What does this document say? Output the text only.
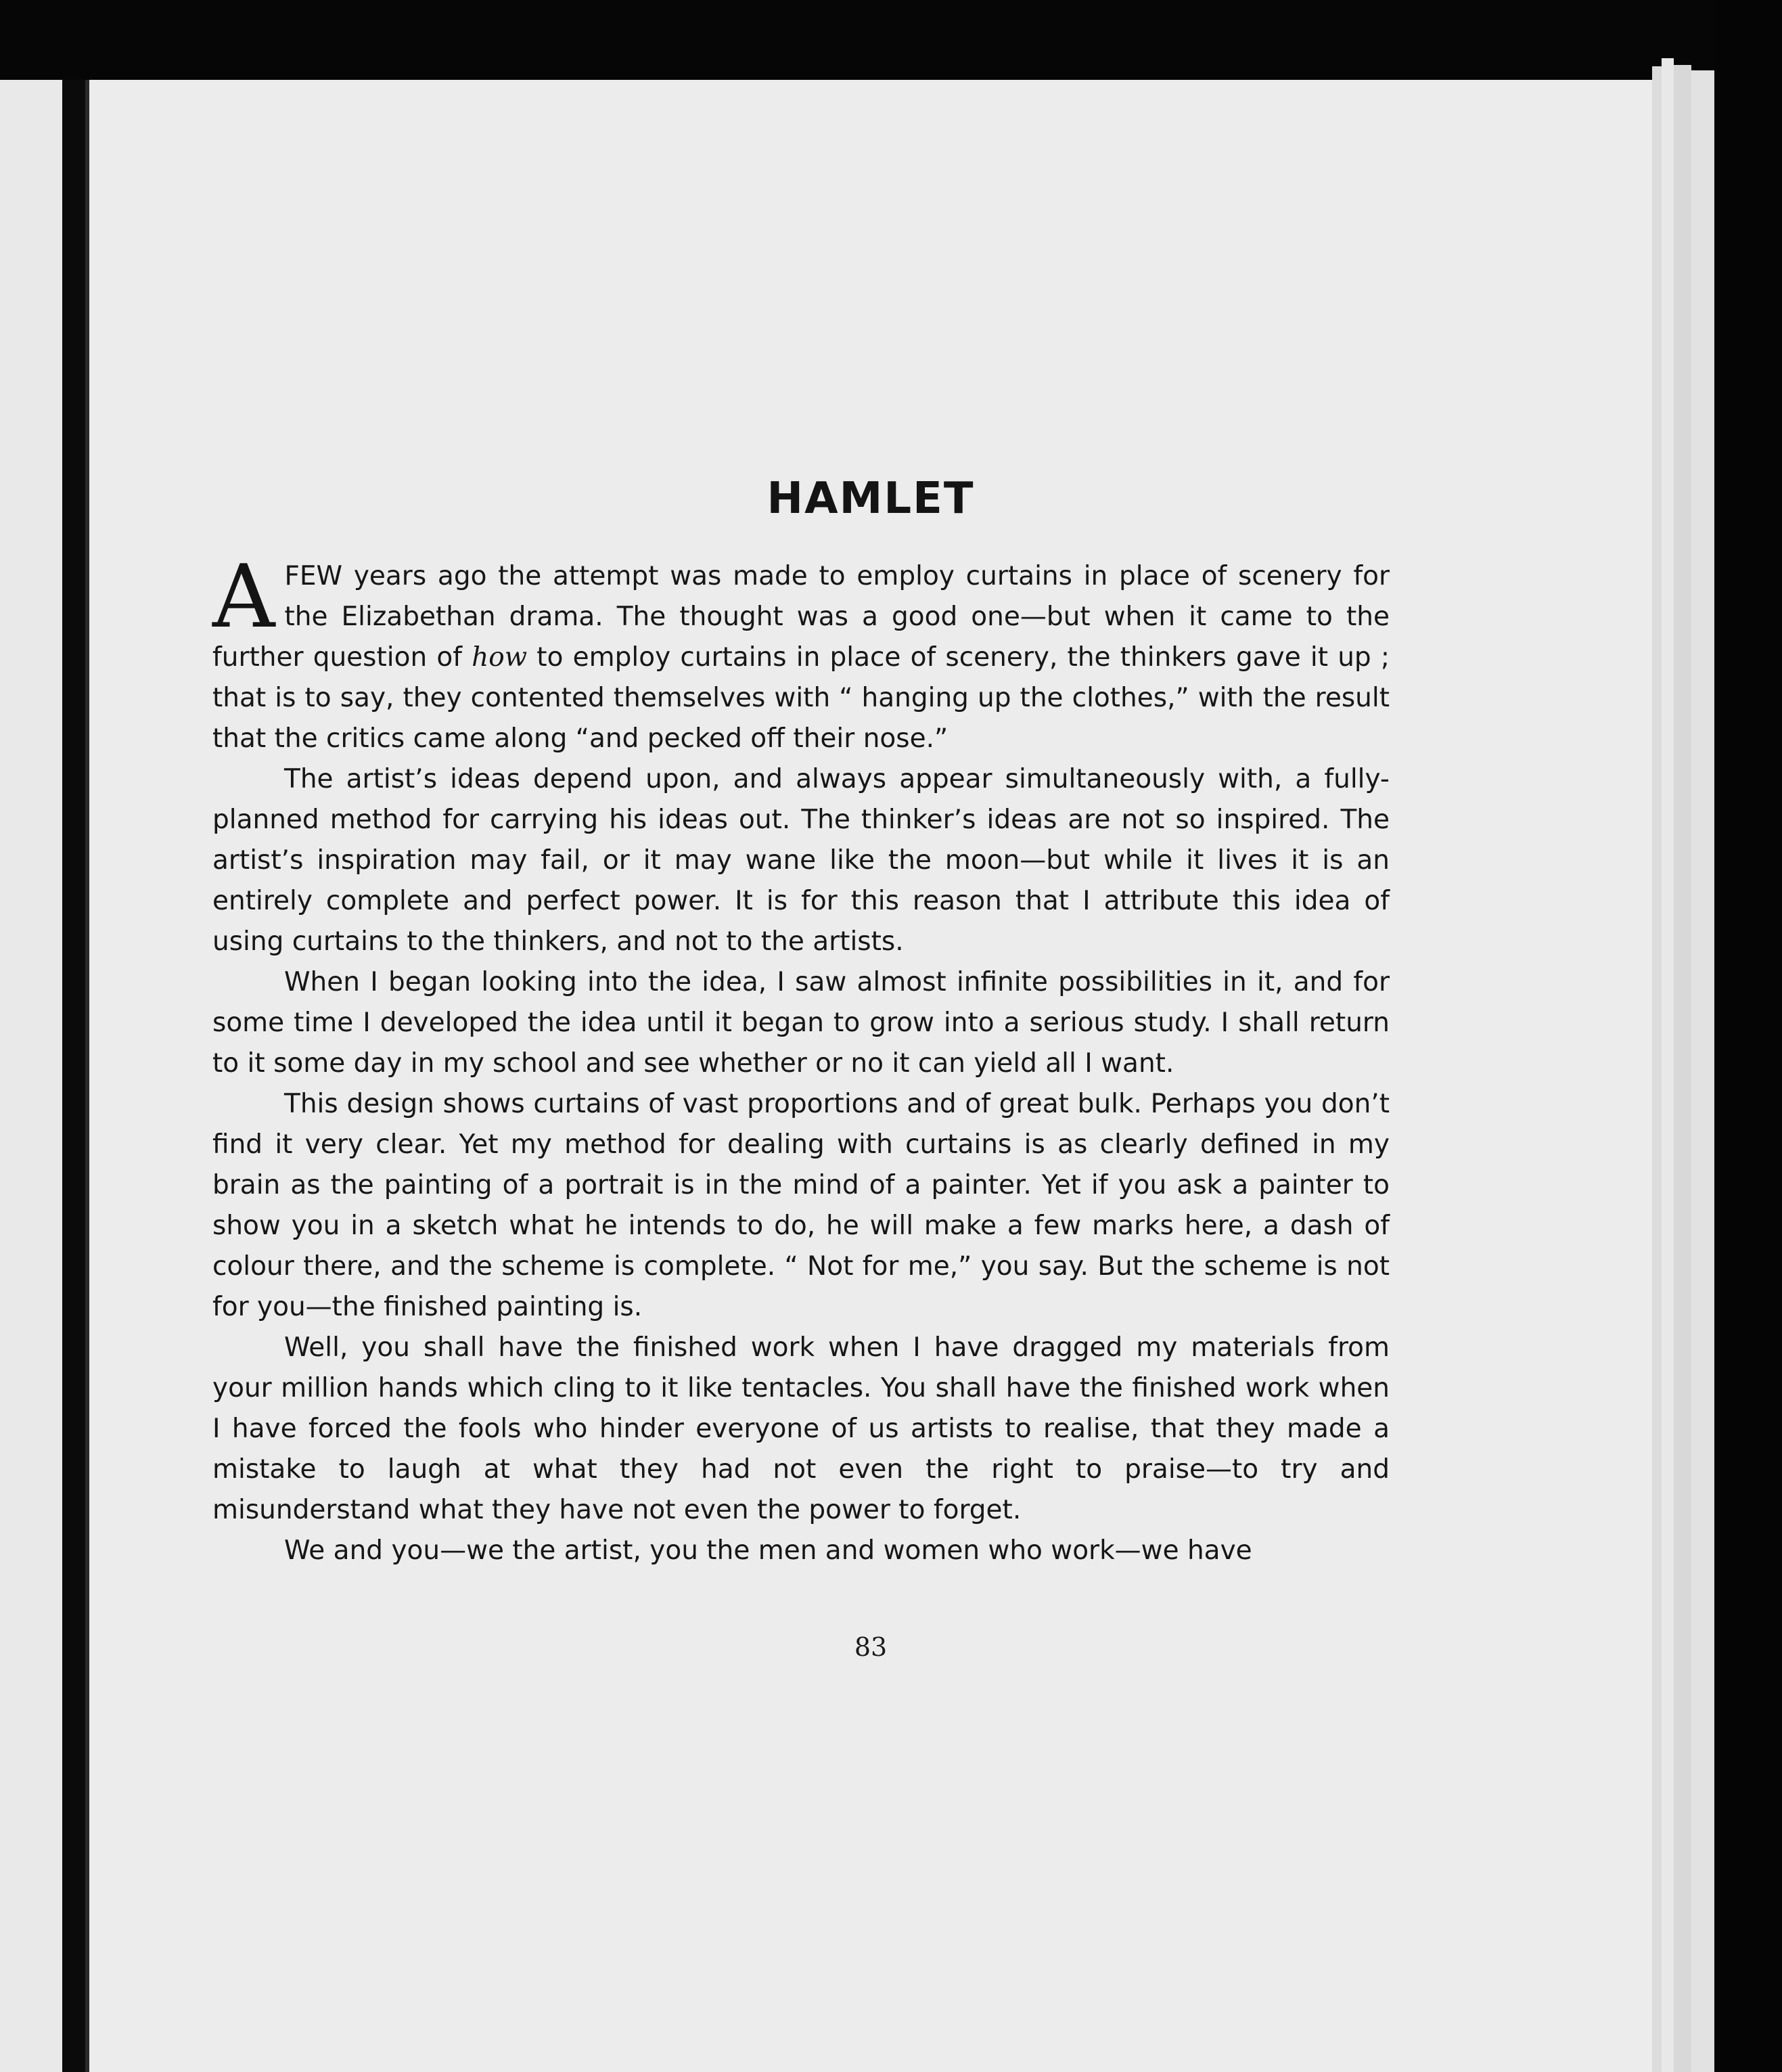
HAMLET

AFEW years ago the attempt was made to employ curtains in place of scenery for the Elizabethan drama. The thought was a good one—but when it came to the further question of how to employ curtains in place of scenery, the thinkers gave it up ; that is to say, they contented themselves with “ hanging up the clothes,” with the result that the critics came along “and pecked off their nose.”

The artist’s ideas depend upon, and always appear simultaneously with, a fully-planned method for carrying his ideas out. The thinker’s ideas are not so inspired. The artist’s inspiration may fail, or it may wane like the moon—but while it lives it is an entirely complete and perfect power. It is for this reason that I attribute this idea of using curtains to the thinkers, and not to the artists.

When I began looking into the idea, I saw almost infinite possibilities in it, and for some time I developed the idea until it began to grow into a serious study. I shall return to it some day in my school and see whether or no it can yield all I want.

This design shows curtains of vast proportions and of great bulk. Perhaps you don’t find it very clear. Yet my method for dealing with curtains is as clearly defined in my brain as the painting of a portrait is in the mind of a painter. Yet if you ask a painter to show you in a sketch what he intends to do, he will make a few marks here, a dash of colour there, and the scheme is complete. “ Not for me,” you say. But the scheme is not for you—the finished painting is.

Well, you shall have the finished work when I have dragged my materials from your million hands which cling to it like tentacles. You shall have the finished work when I have forced the fools who hinder everyone of us artists to realise, that they made a mistake to laugh at what they had not even the right to praise—to try and misunderstand what they have not even the power to forget.

We and you—we the artist, you the men and women who work—we have

83
